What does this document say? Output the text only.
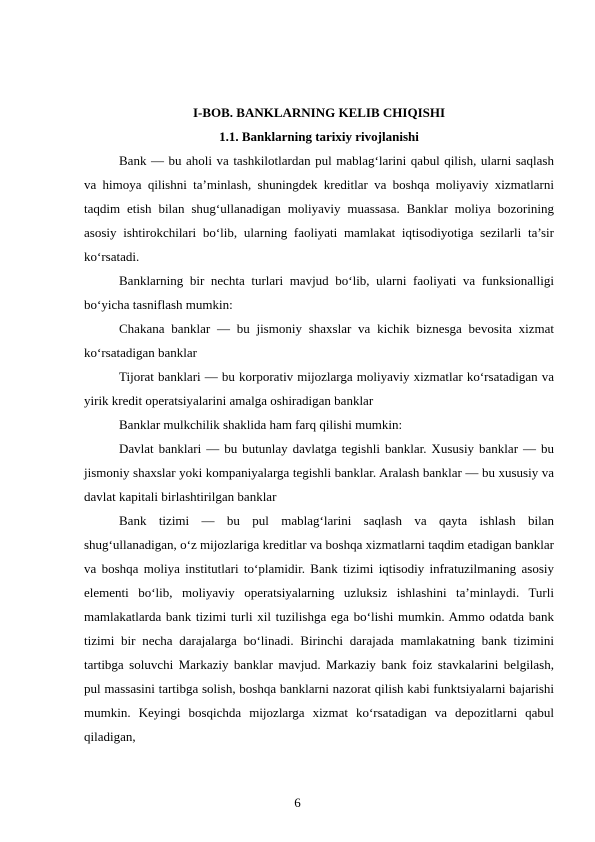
I-BOB. BANKLARNING KELIB CHIQISHI
1.1. Banklarning tarixiy rivojlanishi

Bank — bu aholi va tashkilotlardan pul mablag‘larini qabul qilish, ularni saqlash va himoya qilishni ta’minlash, shuningdek kreditlar va boshqa moliyaviy xizmatlarni taqdim etish bilan shug‘ullanadigan moliyaviy muassasa. Banklar moliya bozorining asosiy ishtirokchilari bo‘lib, ularning faoliyati mamlakat iqtisodiyotiga sezilarli ta’sir ko‘rsatadi.

Banklarning bir nechta turlari mavjud bo‘lib, ularni faoliyati va funksionalligi bo‘yicha tasniflash mumkin:

Chakana banklar — bu jismoniy shaxslar va kichik biznesga bevosita xizmat ko‘rsatadigan banklar

Tijorat banklari — bu korporativ mijozlarga moliyaviy xizmatlar ko‘rsatadigan va yirik kredit operatsiyalarini amalga oshiradigan banklar

Banklar mulkchilik shaklida ham farq qilishi mumkin:

Davlat banklari — bu butunlay davlatga tegishli banklar. Xususiy banklar — bu jismoniy shaxslar yoki kompaniyalarga tegishli banklar. Aralash banklar — bu xususiy va davlat kapitali birlashtirilgan banklar

Bank tizimi — bu pul mablag‘larini saqlash va qayta ishlash bilan shug‘ullanadigan, o‘z mijozlariga kreditlar va boshqa xizmatlarni taqdim etadigan banklar va boshqa moliya institutlari to‘plamidir. Bank tizimi iqtisodiy infratuzilmaning asosiy elementi bo‘lib, moliyaviy operatsiyalarning uzluksiz ishlashini ta’minlaydi. Turli mamlakatlarda bank tizimi turli xil tuzilishga ega bo‘lishi mumkin. Ammo odatda bank tizimi bir necha darajalarga bo‘linadi. Birinchi darajada mamlakatning bank tizimini tartibga soluvchi Markaziy banklar mavjud. Markaziy bank foiz stavkalarini belgilash, pul massasini tartibga solish, boshqa banklarni nazorat qilish kabi funktsiyalarni bajarishi mumkin. Keyingi bosqichda mijozlarga xizmat ko‘rsatadigan va depozitlarni qabul qiladigan,

6
